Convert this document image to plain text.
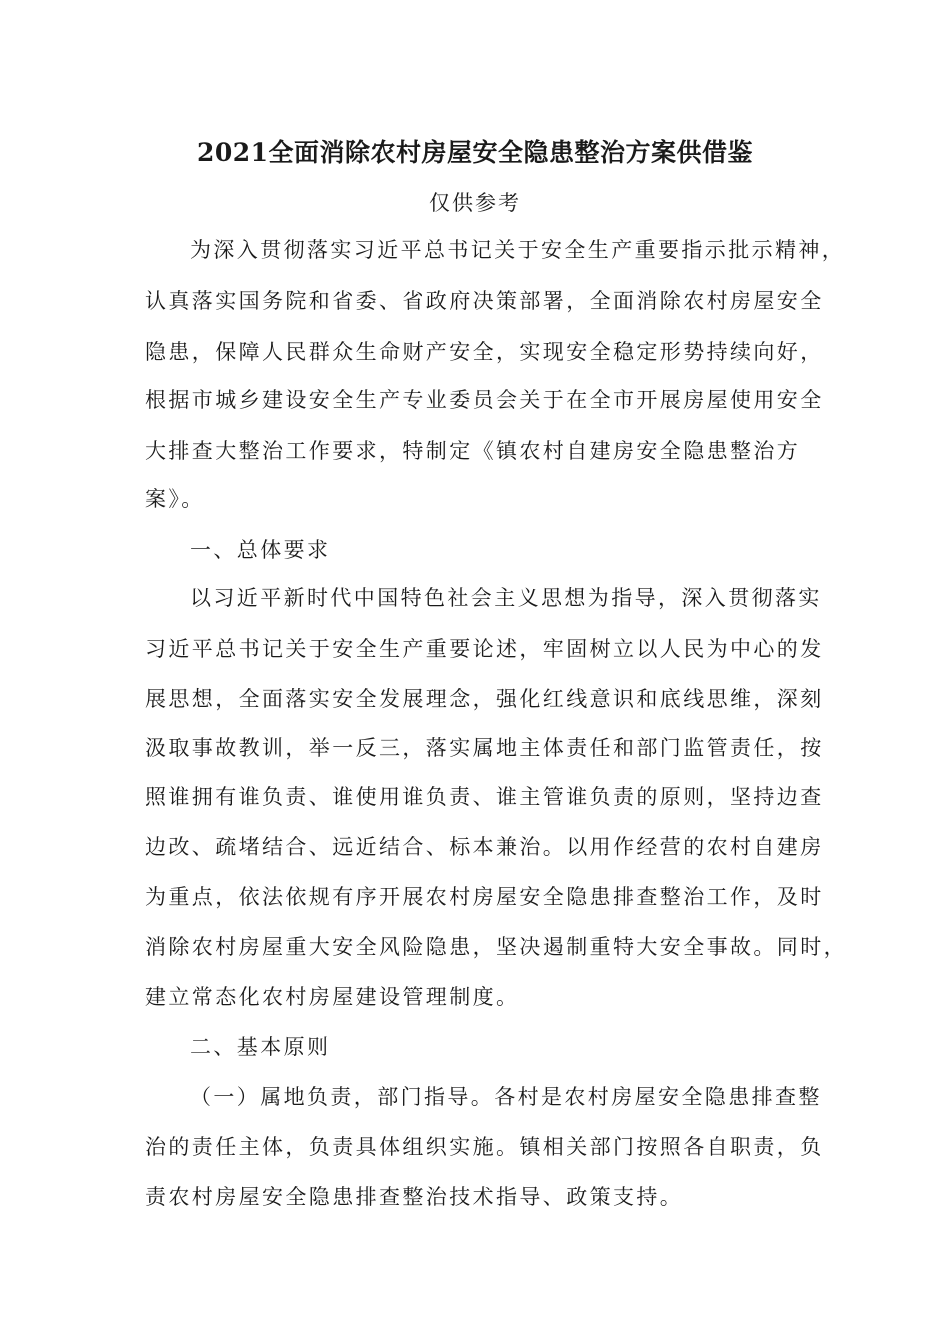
2021全面消除农村房屋安全隐患整治方案供借鉴
仅供参考
为深入贯彻落实习近平总书记关于安全生产重要指示批示精神，
认真落实国务院和省委、省政府决策部署，全面消除农村房屋安全
隐患，保障人民群众生命财产安全，实现安全稳定形势持续向好，
根据市城乡建设安全生产专业委员会关于在全市开展房屋使用安全
大排查大整治工作要求，特制定《镇农村自建房安全隐患整治方
案》。
一、总体要求
以习近平新时代中国特色社会主义思想为指导，深入贯彻落实
习近平总书记关于安全生产重要论述，牢固树立以人民为中心的发
展思想，全面落实安全发展理念，强化红线意识和底线思维，深刻
汲取事故教训，举一反三，落实属地主体责任和部门监管责任，按
照谁拥有谁负责、谁使用谁负责、谁主管谁负责的原则，坚持边查
边改、疏堵结合、远近结合、标本兼治。以用作经营的农村自建房
为重点，依法依规有序开展农村房屋安全隐患排查整治工作，及时
消除农村房屋重大安全风险隐患，坚决遏制重特大安全事故。同时，
建立常态化农村房屋建设管理制度。
二、基本原则
（一）属地负责，部门指导。各村是农村房屋安全隐患排查整
治的责任主体，负责具体组织实施。镇相关部门按照各自职责，负
责农村房屋安全隐患排查整治技术指导、政策支持。
